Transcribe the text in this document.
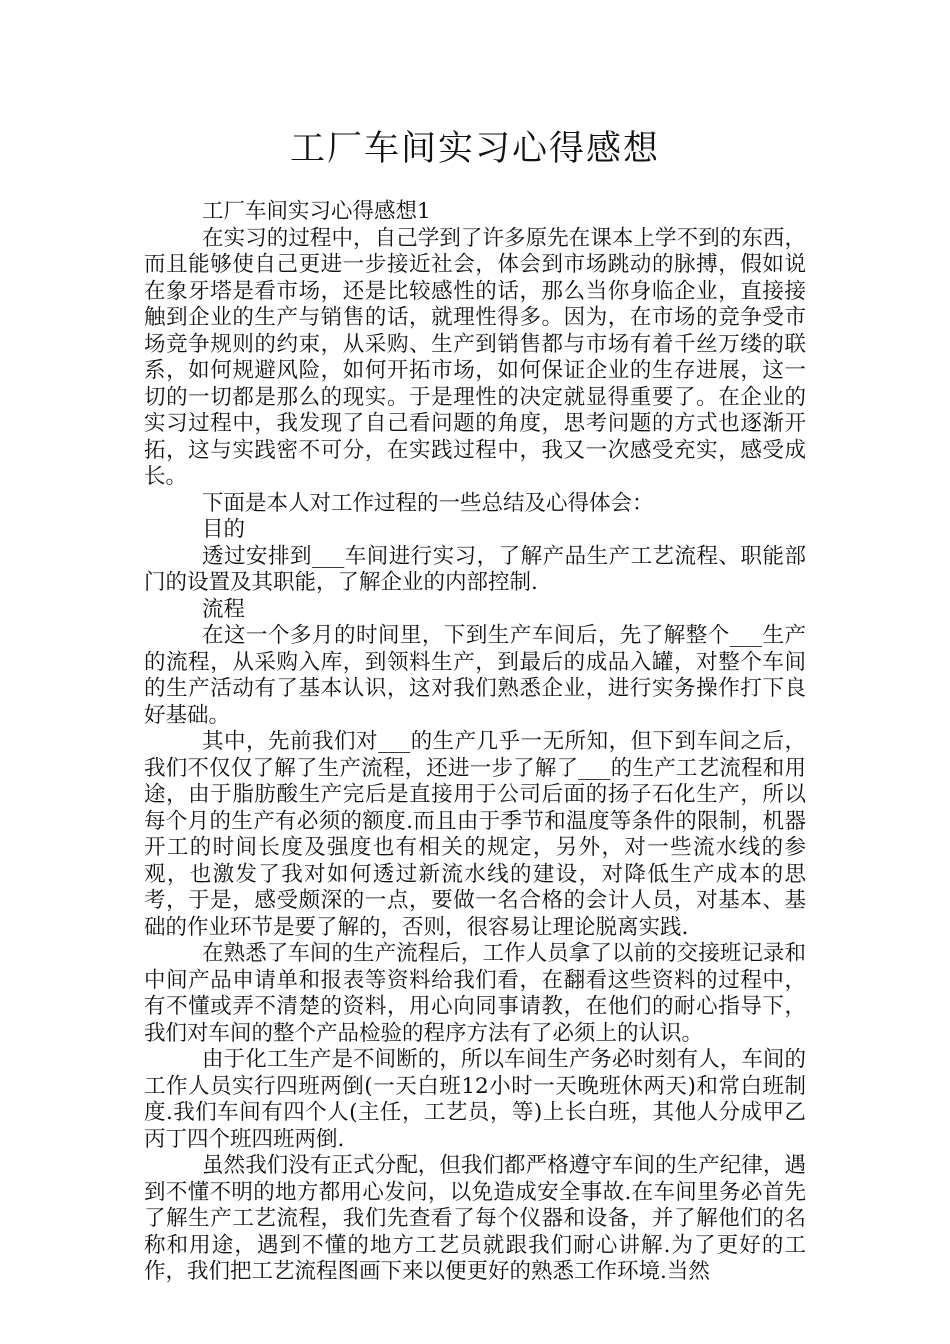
工厂车间实习心得感想

工厂车间实习心得感想1

在实习的过程中，自己学到了许多原先在课本上学不到的东西，而且能够使自己更进一步接近社会，体会到市场跳动的脉搏，假如说在象牙塔是看市场，还是比较感性的话，那么当你身临企业，直接接触到企业的生产与销售的话，就理性得多。因为，在市场的竞争受市场竞争规则的约束，从采购、生产到销售都与市场有着千丝万缕的联系，如何规避风险，如何开拓市场，如何保证企业的生存进展，这一切的一切都是那么的现实。于是理性的决定就显得重要了。在企业的实习过程中，我发现了自己看问题的角度，思考问题的方式也逐渐开拓，这与实践密不可分，在实践过程中，我又一次感受充实，感受成长。

下面是本人对工作过程的一些总结及心得体会：

目的

透过安排到___车间进行实习，了解产品生产工艺流程、职能部门的设置及其职能，了解企业的内部控制.

流程

在这一个多月的时间里，下到生产车间后，先了解整个___生产的流程，从采购入库，到领料生产，到最后的成品入罐，对整个车间的生产活动有了基本认识，这对我们熟悉企业，进行实务操作打下良好基础。

其中，先前我们对___的生产几乎一无所知，但下到车间之后，我们不仅仅了解了生产流程，还进一步了解了___的生产工艺流程和用途，由于脂肪酸生产完后是直接用于公司后面的扬子石化生产，所以每个月的生产有必须的额度.而且由于季节和温度等条件的限制，机器开工的时间长度及强度也有相关的规定，另外，对一些流水线的参观，也激发了我对如何透过新流水线的建设，对降低生产成本的思考，于是，感受颇深的一点，要做一名合格的会计人员，对基本、基础的作业环节是要了解的，否则，很容易让理论脱离实践.

在熟悉了车间的生产流程后，工作人员拿了以前的交接班记录和中间产品申请单和报表等资料给我们看，在翻看这些资料的过程中，有不懂或弄不清楚的资料，用心向同事请教，在他们的耐心指导下，我们对车间的整个产品检验的程序方法有了必须上的认识。

由于化工生产是不间断的，所以车间生产务必时刻有人，车间的工作人员实行四班两倒(一天白班12小时一天晚班休两天)和常白班制度.我们车间有四个人(主任，工艺员，等)上长白班，其他人分成甲乙丙丁四个班四班两倒.

虽然我们没有正式分配，但我们都严格遵守车间的生产纪律，遇到不懂不明的地方都用心发问，以免造成安全事故.在车间里务必首先了解生产工艺流程，我们先查看了每个仪器和设备，并了解他们的名称和用途，遇到不懂的地方工艺员就跟我们耐心讲解.为了更好的工作，我们把工艺流程图画下来以便更好的熟悉工作环境.当然
